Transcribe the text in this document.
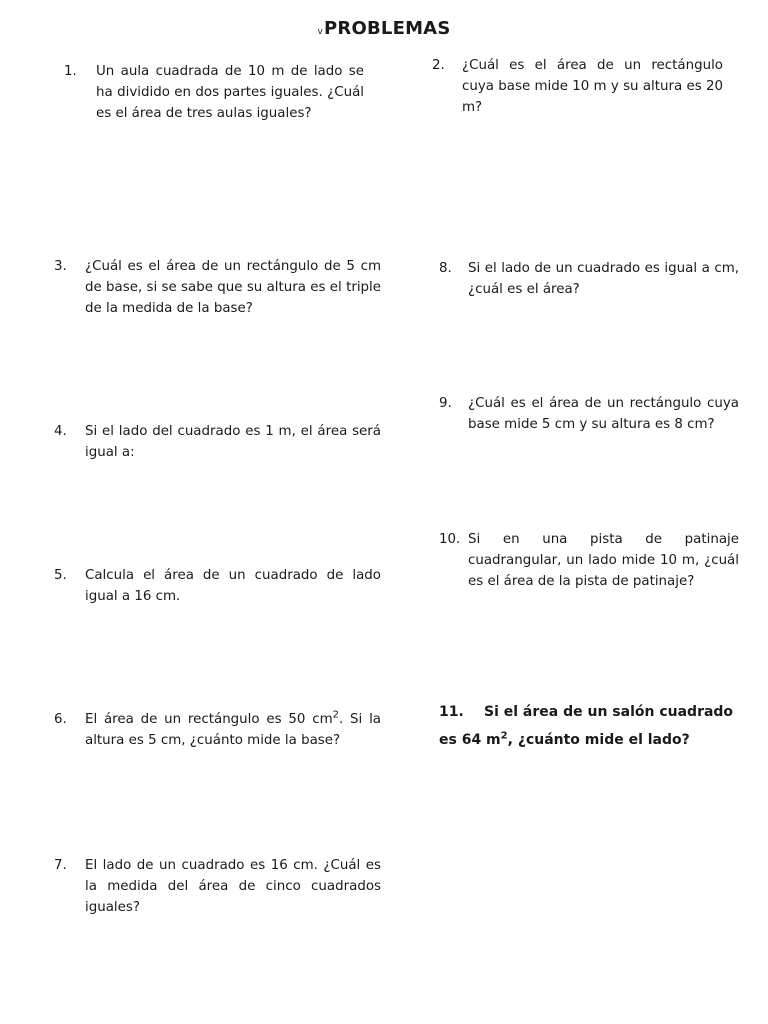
vPROBLEMAS
1.	Un aula cuadrada de 10 m de lado se ha dividido en dos partes iguales. ¿Cuál es el área de tres aulas iguales?
3.	¿Cuál es el área de un rectángulo de 5 cm de base, si se sabe que su altura es el triple de la medida de la base?
4.	Si el lado del cuadrado es 1 m, el área será igual a:
5.	Calcula el área de un cuadrado de lado igual a 16 cm.
6.	El área de un rectángulo es 50 $cm^2$. Si la altura es 5 cm, ¿cuánto mide la base?
7.	El lado de un cuadrado es 16 cm. ¿Cuál es la medida del área de cinco cuadrados iguales?
2.	¿Cuál es el área de un rectángulo cuya base mide 10 m y su altura es 20 m?
8.	Si el lado de un cuadrado es igual a cm, ¿cuál es el área?
9.	¿Cuál es el área de un rectángulo cuya base mide 5 cm y su altura es 8 cm?
10. Si en una pista de patinaje cuadrangular, un lado mide 10 m, ¿cuál es el área de la pista de patinaje?
11. Si el área de un salón cuadrado es 64 $m^2$, ¿cuánto mide el lado?
